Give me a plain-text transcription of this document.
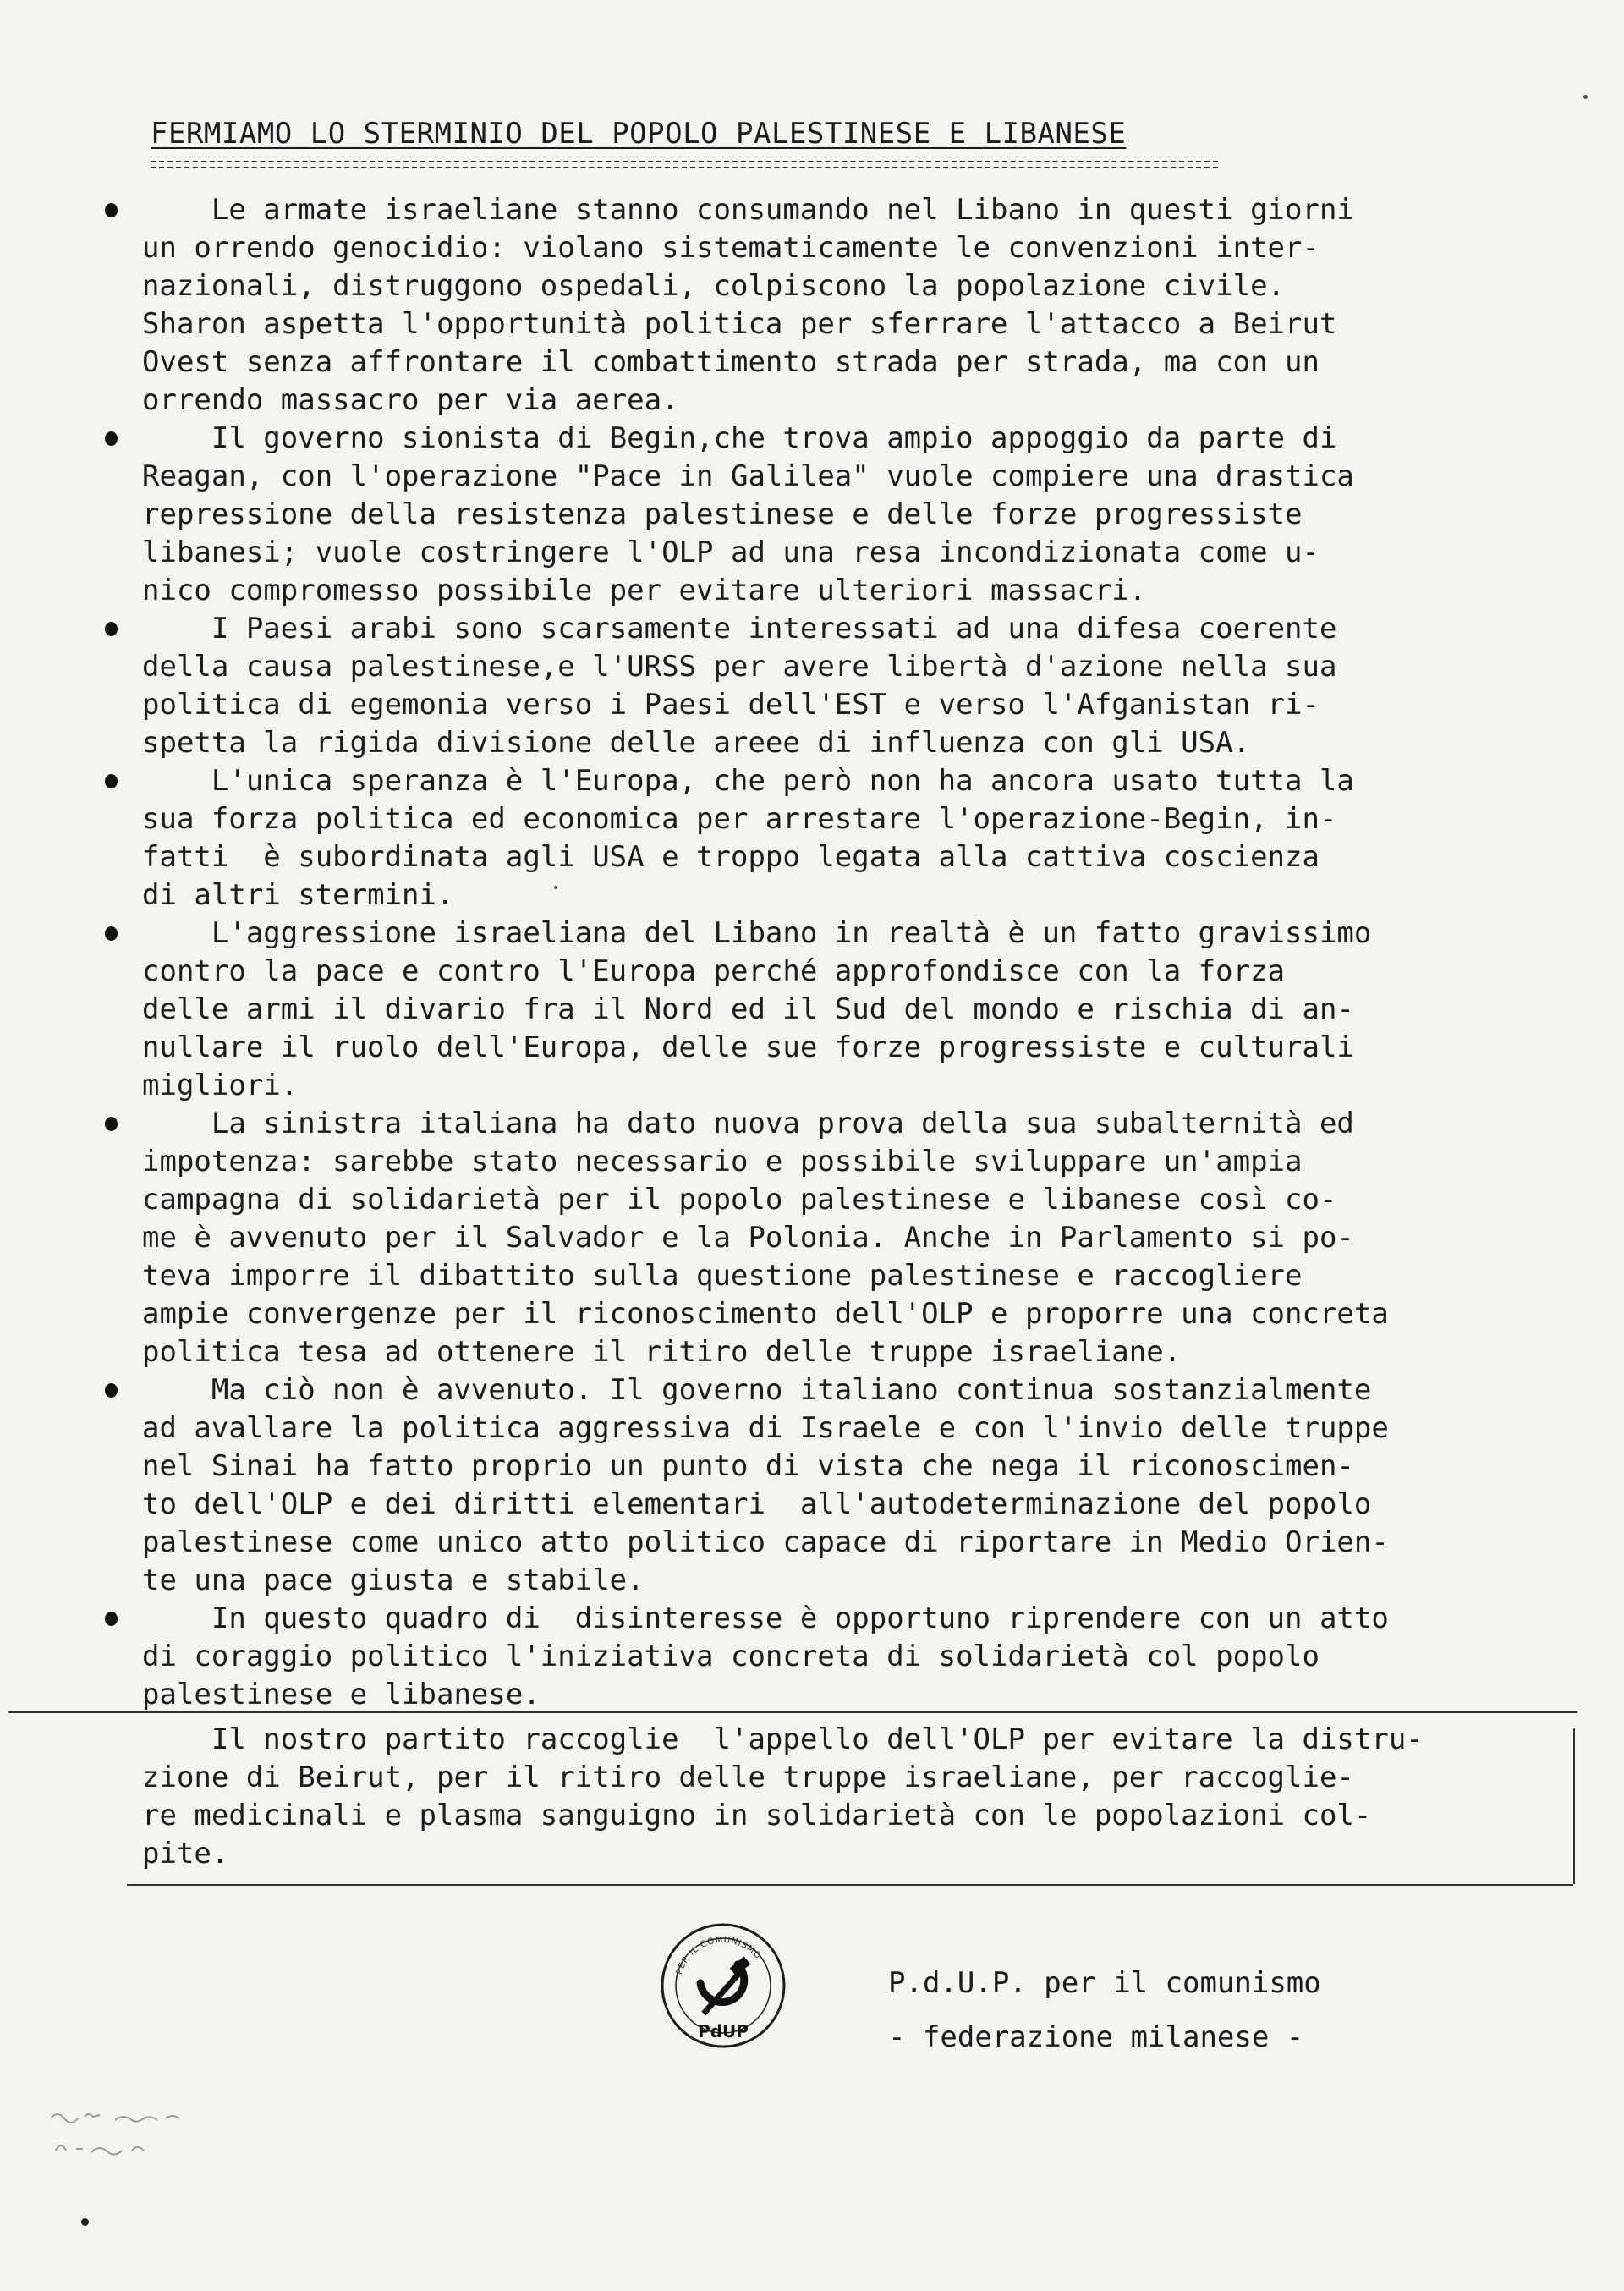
FERMIAMO LO STERMINIO DEL POPOLO PALESTINESE E LIBANESE

Le armate israeliane stanno consumando nel Libano in questi giorni
un orrendo genocidio: violano sistematicamente le convenzioni inter-
nazionali, distruggono ospedali, colpiscono la popolazione civile.
Sharon aspetta l'opportunità politica per sferrare l'attacco a Beirut
Ovest senza affrontare il combattimento strada per strada, ma con un
orrendo massacro per via aerea.

Il governo sionista di Begin,che trova ampio appoggio da parte di
Reagan, con l'operazione "Pace in Galilea" vuole compiere una drastica
repressione della resistenza palestinese e delle forze progressiste
libanesi; vuole costringere l'OLP ad una resa incondizionata come u-
nico compromesso possibile per evitare ulteriori massacri.

I Paesi arabi sono scarsamente interessati ad una difesa coerente
della causa palestinese,e l'URSS per avere libertà d'azione nella sua
politica di egemonia verso i Paesi dell'EST e verso l'Afganistan ri-
spetta la rigida divisione delle areee di influenza con gli USA.

L'unica speranza è l'Europa, che però non ha ancora usato tutta la
sua forza politica ed economica per arrestare l'operazione-Begin, in-
fatti  è subordinata agli USA e troppo legata alla cattiva coscienza
di altri stermini.

L'aggressione israeliana del Libano in realtà è un fatto gravissimo
contro la pace e contro l'Europa perché approfondisce con la forza
delle armi il divario fra il Nord ed il Sud del mondo e rischia di an-
nullare il ruolo dell'Europa, delle sue forze progressiste e culturali
migliori.

La sinistra italiana ha dato nuova prova della sua subalternità ed
impotenza: sarebbe stato necessario e possibile sviluppare un'ampia
campagna di solidarietà per il popolo palestinese e libanese così co-
me è avvenuto per il Salvador e la Polonia. Anche in Parlamento si po-
teva imporre il dibattito sulla questione palestinese e raccogliere
ampie convergenze per il riconoscimento dell'OLP e proporre una concreta
politica tesa ad ottenere il ritiro delle truppe israeliane.

Ma ciò non è avvenuto. Il governo italiano continua sostanzialmente
ad avallare la politica aggressiva di Israele e con l'invio delle truppe
nel Sinai ha fatto proprio un punto di vista che nega il riconoscimen-
to dell'OLP e dei diritti elementari  all'autodeterminazione del popolo
palestinese come unico atto politico capace di riportare in Medio Orien-
te una pace giusta e stabile.

In questo quadro di  disinteresse è opportuno riprendere con un atto
di coraggio politico l'iniziativa concreta di solidarietà col popolo
palestinese e libanese.

Il nostro partito raccoglie  l'appello dell'OLP per evitare la distru-
zione di Beirut, per il ritiro delle truppe israeliane, per raccoglie-
re medicinali e plasma sanguigno in solidarietà con le popolazioni col-
pite.

PER IL COMUNISMO
PdUP
P.d.U.P. per il comunismo
- federazione milanese -
